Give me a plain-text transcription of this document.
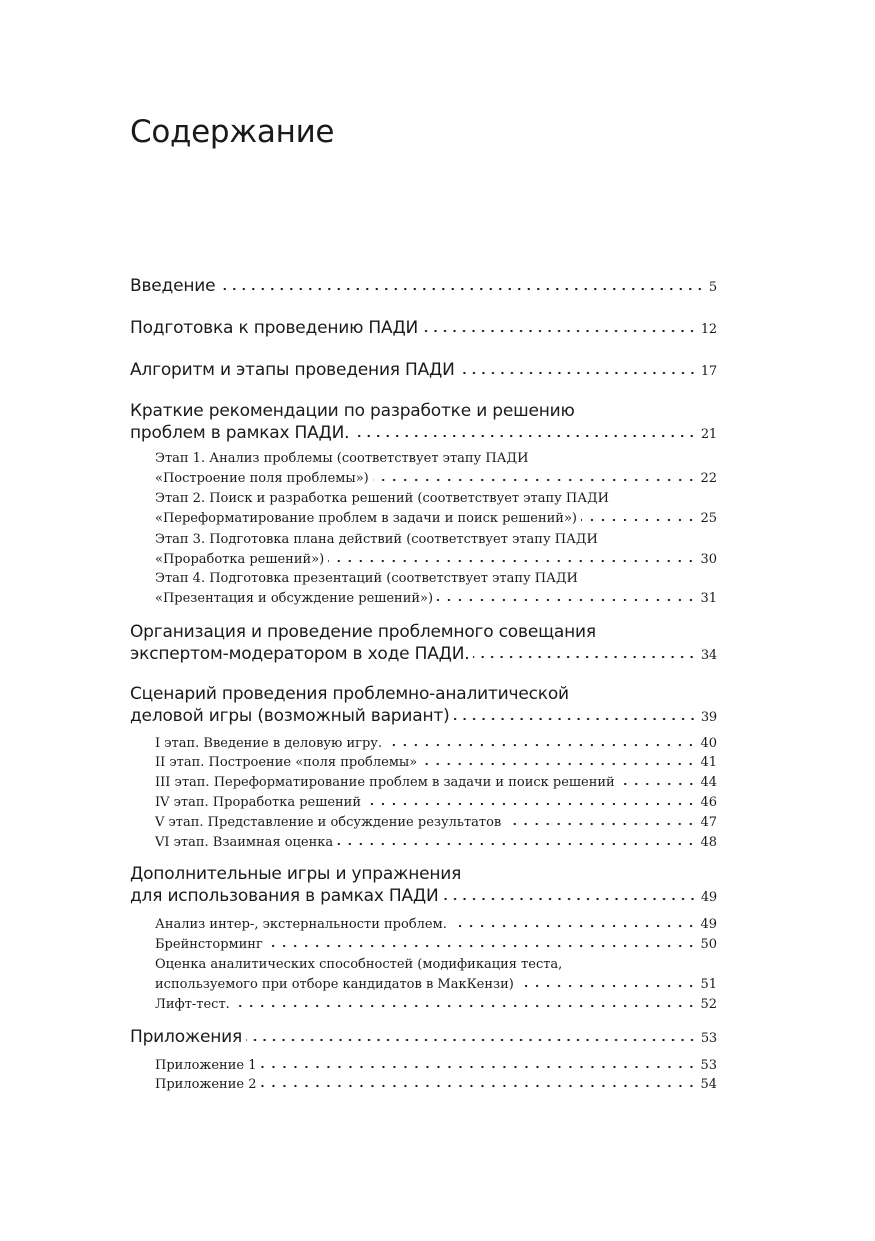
Содержание
Введение	5
Подготовка к проведению ПАДИ	12
Алгоритм и этапы проведения ПАДИ	17
Краткие рекомендации по разработке и решению
проблем в рамках ПАДИ.	21
Этап 1. Анализ проблемы (соответствует этапу ПАДИ
«Построение поля проблемы»)	22
Этап 2. Поиск и разработка решений (соответствует этапу ПАДИ
«Переформатирование проблем в задачи и поиск решений»)	25
Этап 3. Подготовка плана действий (соответствует этапу ПАДИ
«Проработка решений»)	30
Этап 4. Подготовка презентаций (соответствует этапу ПАДИ
«Презентация и обсуждение решений»)	31
Организация и проведение проблемного совещания
экспертом-модератором в ходе ПАДИ.	34
Сценарий проведения проблемно-аналитической
деловой игры (возможный вариант)	39
I этап. Введение в деловую игру.	40
II этап. Построение «поля проблемы»	41
III этап. Переформатирование проблем в задачи и поиск решений	44
IV этап. Проработка решений	46
V этап. Представление и обсуждение результатов	47
VI этап. Взаимная оценка	48
Дополнительные игры и упражнения
для использования в рамках ПАДИ	49
Анализ интер-, экстернальности проблем.	49
Брейнсторминг	50
Оценка аналитических способностей (модификация теста,
используемого при отборе кандидатов в МакКензи)	51
Лифт-тест.	52
Приложения	53
Приложение 1	53
Приложение 2	54
